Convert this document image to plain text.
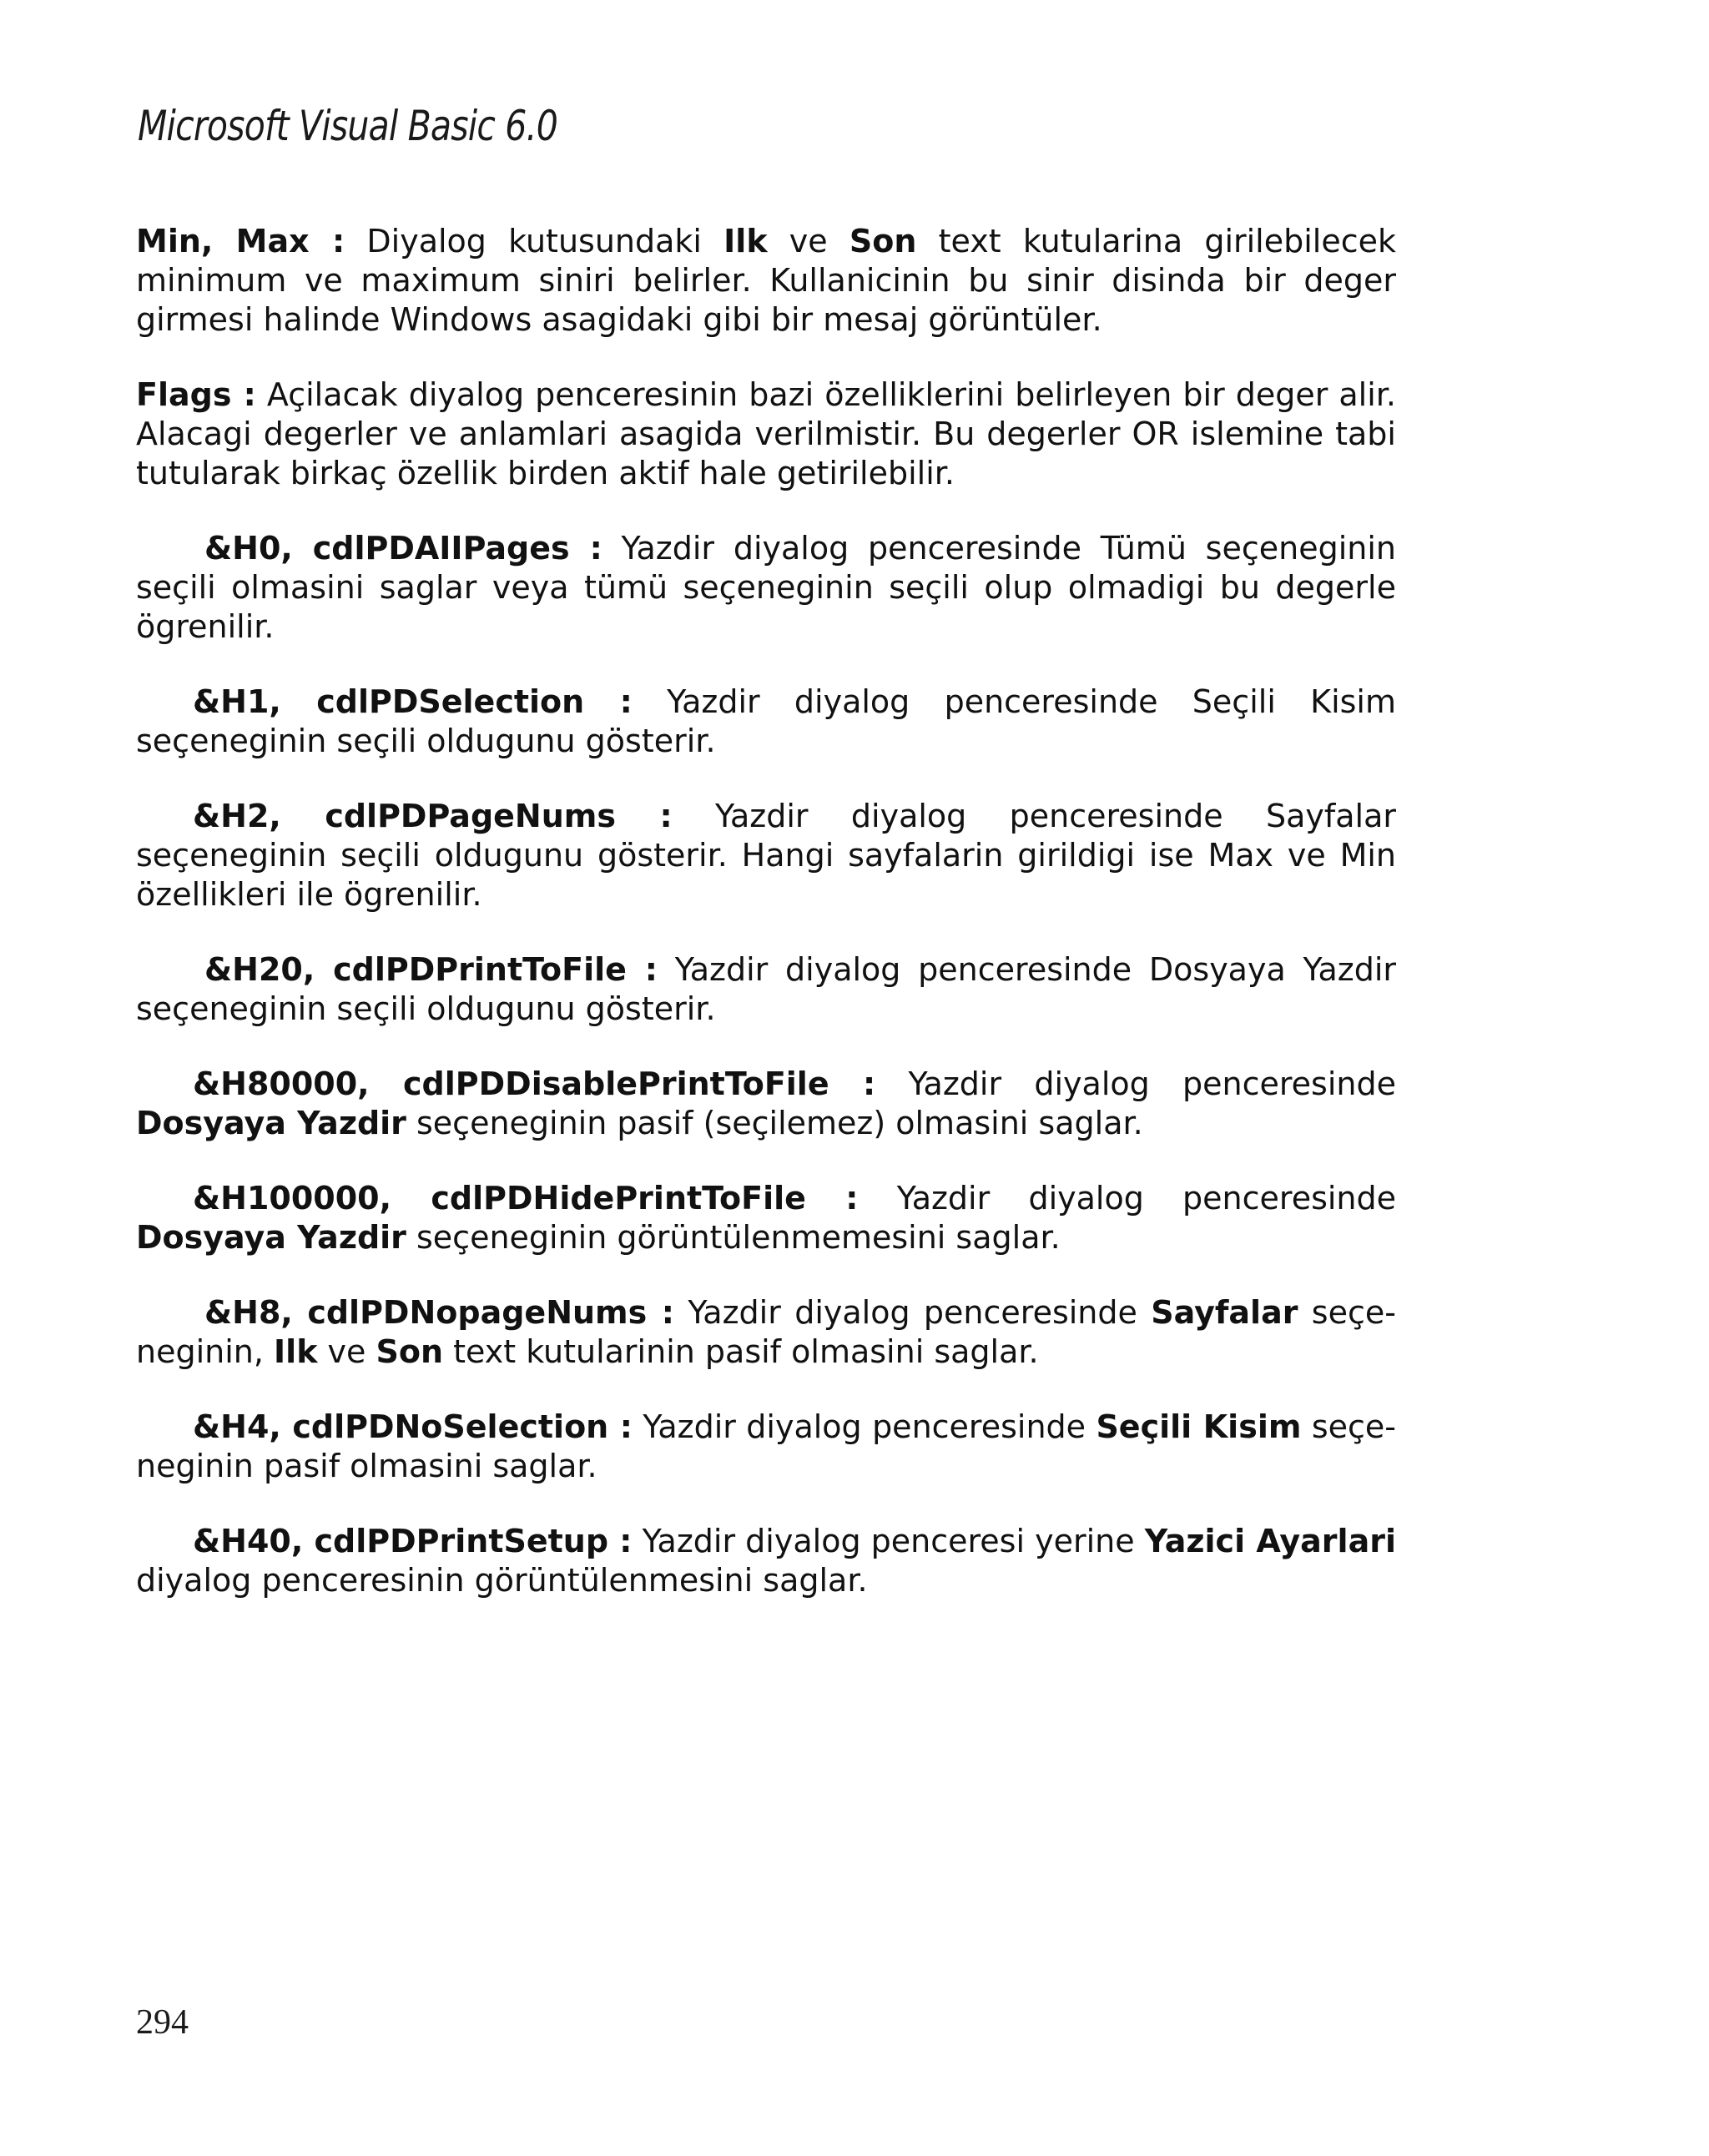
Microsoft Visual Basic 6.0

Min, Max : Diyalog kutusundaki Ilk ve Son text kutularina girilebilecek minimum ve maximum siniri belirler. Kullanicinin bu sinir disinda bir deger girmesi halinde Windows asagidaki gibi bir mesaj görüntüler.

Flags : Açilacak diyalog penceresinin bazi özelliklerini belirleyen bir deger alir. Alacagi degerler ve anlamlari asagida verilmistir. Bu degerler OR islemine tabi tutularak birkaç özellik birden aktif hale getirilebilir.

&H0, cdlPDAIIPages : Yazdir diyalog penceresinde Tümü seçeneginin seçili olmasini saglar veya tümü seçeneginin seçili olup olmadigi bu degerle ögrenilir.

&H1, cdlPDSelection : Yazdir diyalog penceresinde Seçili Kisim seçeneginin seçili oldugunu gösterir.

&H2, cdlPDPageNums : Yazdir diyalog penceresinde Sayfalar seçeneginin seçili oldugunu gösterir. Hangi sayfalarin girildigi ise Max ve Min özellikleri ile ögrenilir.

&H20, cdlPDPrintToFile : Yazdir diyalog penceresinde Dosyaya Yazdir seçeneginin seçili oldugunu gösterir.

&H80000, cdlPDDisablePrintToFile : Yazdir diyalog penceresinde Dosyaya Yazdir seçeneginin pasif (seçilemez) olmasini saglar.

&H100000, cdlPDHidePrintToFile : Yazdir diyalog penceresinde Dosyaya Yazdir seçeneginin görüntülenmemesini saglar.

&H8, cdlPDNopageNums : Yazdir diyalog penceresinde Sayfalar seçe-neginin, Ilk ve Son text kutularinin pasif olmasini saglar.

&H4, cdlPDNoSelection : Yazdir diyalog penceresinde Seçili Kisim seçe-neginin pasif olmasini saglar.

&H40, cdlPDPrintSetup : Yazdir diyalog penceresi yerine Yazici Ayarlari diyalog penceresinin görüntülenmesini saglar.

294
